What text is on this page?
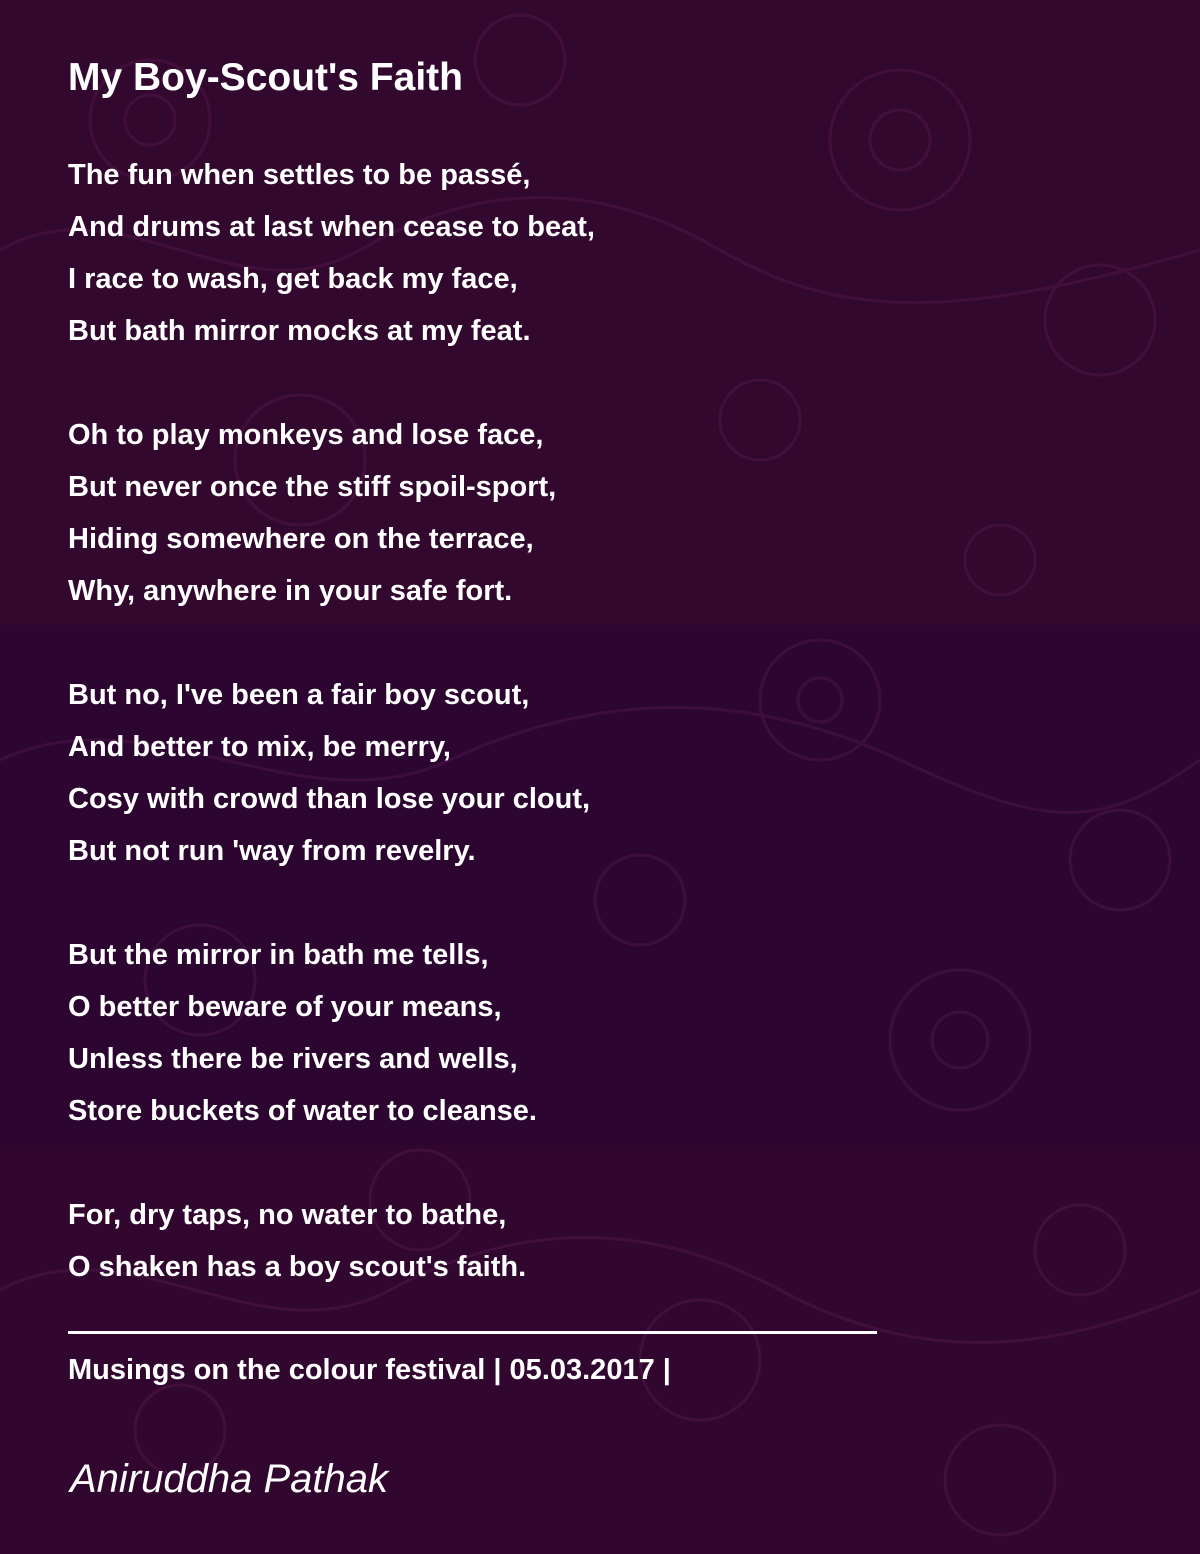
My Boy-Scout's Faith
The fun when settles to be passé,
And drums at last when cease to beat,
I race to wash, get back my face,
But bath mirror mocks at my feat.
Oh to play monkeys and lose face,
But never once the stiff spoil-sport,
Hiding somewhere on the terrace,
Why, anywhere in your safe fort.
But no, I've been a fair boy scout,
And better to mix, be merry,
Cosy with crowd than lose your clout,
But not run 'way from revelry.
But the mirror in bath me tells,
O better beware of your means,
Unless there be rivers and wells,
Store buckets of water to cleanse.
For, dry taps, no water to bathe,
O shaken has a boy scout's faith.
Musings on the colour festival | 05.03.2017 |
Aniruddha Pathak
